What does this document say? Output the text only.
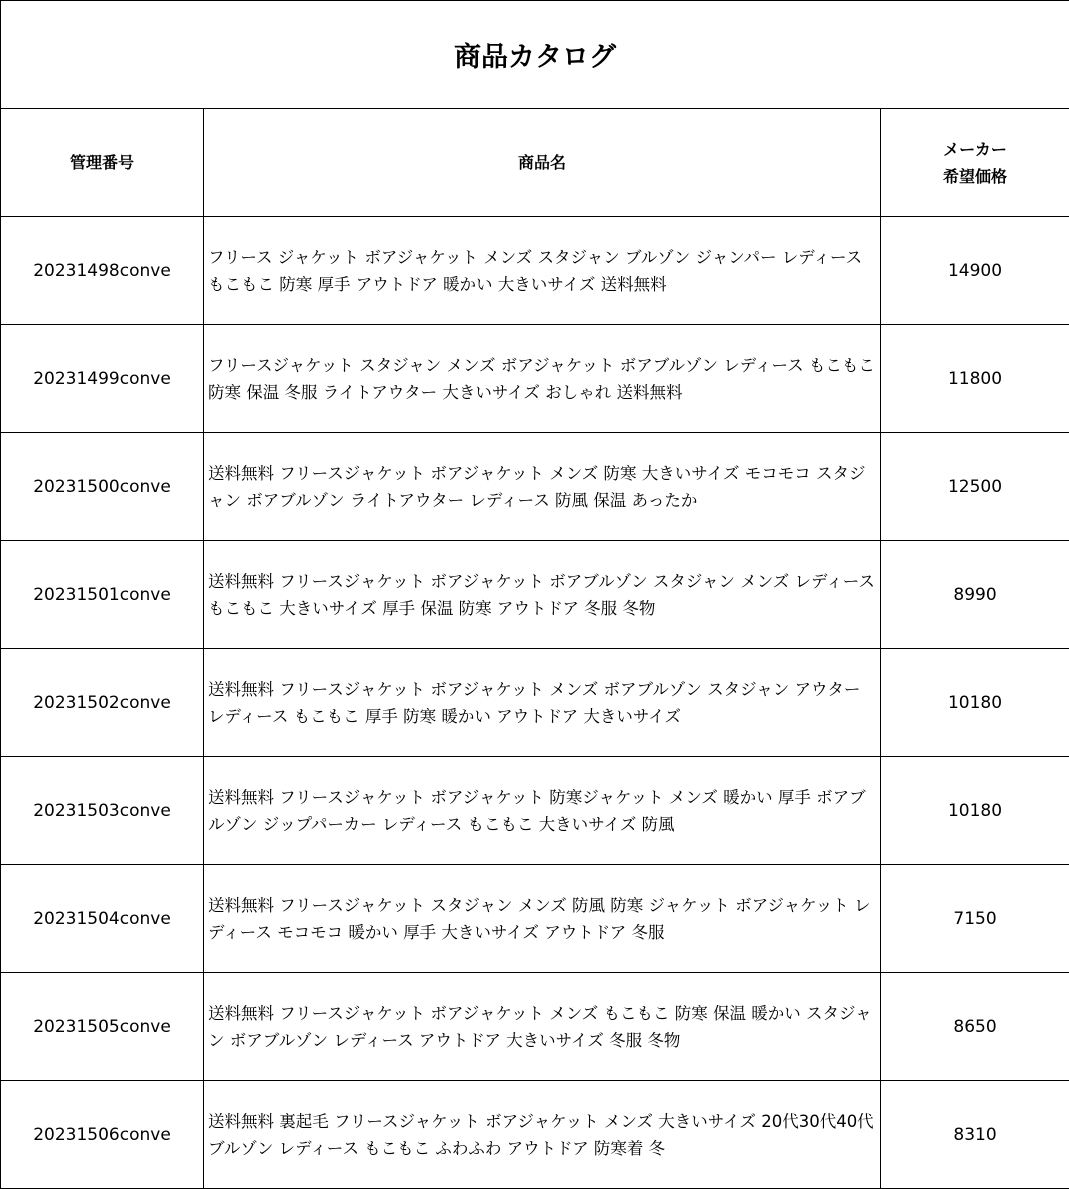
商品カタログ		
管理番号	商品名	メーカー
希望価格

20231498conve	フリース ジャケット ボアジャケット メンズ スタジャン ブルゾン ジャンパー レディース もこもこ 防寒 厚手 アウトドア 暖かい 大きいサイズ 送料無料	14900
20231499conve	フリースジャケット スタジャン メンズ ボアジャケット ボアブルゾン レディース もこもこ 防寒 保温 冬服 ライトアウター 大きいサイズ おしゃれ 送料無料	11800
20231500conve	送料無料 フリースジャケット ボアジャケット メンズ 防寒 大きいサイズ モコモコ スタジャン ボアブルゾン ライトアウター レディース 防風 保温 あったか	12500
20231501conve	送料無料 フリースジャケット ボアジャケット ボアブルゾン スタジャン メンズ レディース もこもこ 大きいサイズ 厚手 保温 防寒 アウトドア 冬服 冬物	8990
20231502conve	送料無料 フリースジャケット ボアジャケット メンズ ボアブルゾン スタジャン アウター レディース もこもこ 厚手 防寒 暖かい アウトドア 大きいサイズ	10180
20231503conve	送料無料 フリースジャケット ボアジャケット 防寒ジャケット メンズ 暖かい 厚手 ボアブルゾン ジップパーカー レディース もこもこ 大きいサイズ 防風	10180
20231504conve	送料無料 フリースジャケット スタジャン メンズ 防風 防寒 ジャケット ボアジャケット レディース モコモコ 暖かい 厚手 大きいサイズ アウトドア 冬服	7150
20231505conve	送料無料 フリースジャケット ボアジャケット メンズ もこもこ 防寒 保温 暖かい スタジャン ボアブルゾン レディース アウトドア 大きいサイズ 冬服 冬物	8650
20231506conve	送料無料 裏起毛 フリースジャケット ボアジャケット メンズ 大きいサイズ 20代30代40代 ブルゾン レディース もこもこ ふわふわ アウトドア 防寒着 冬	8310
